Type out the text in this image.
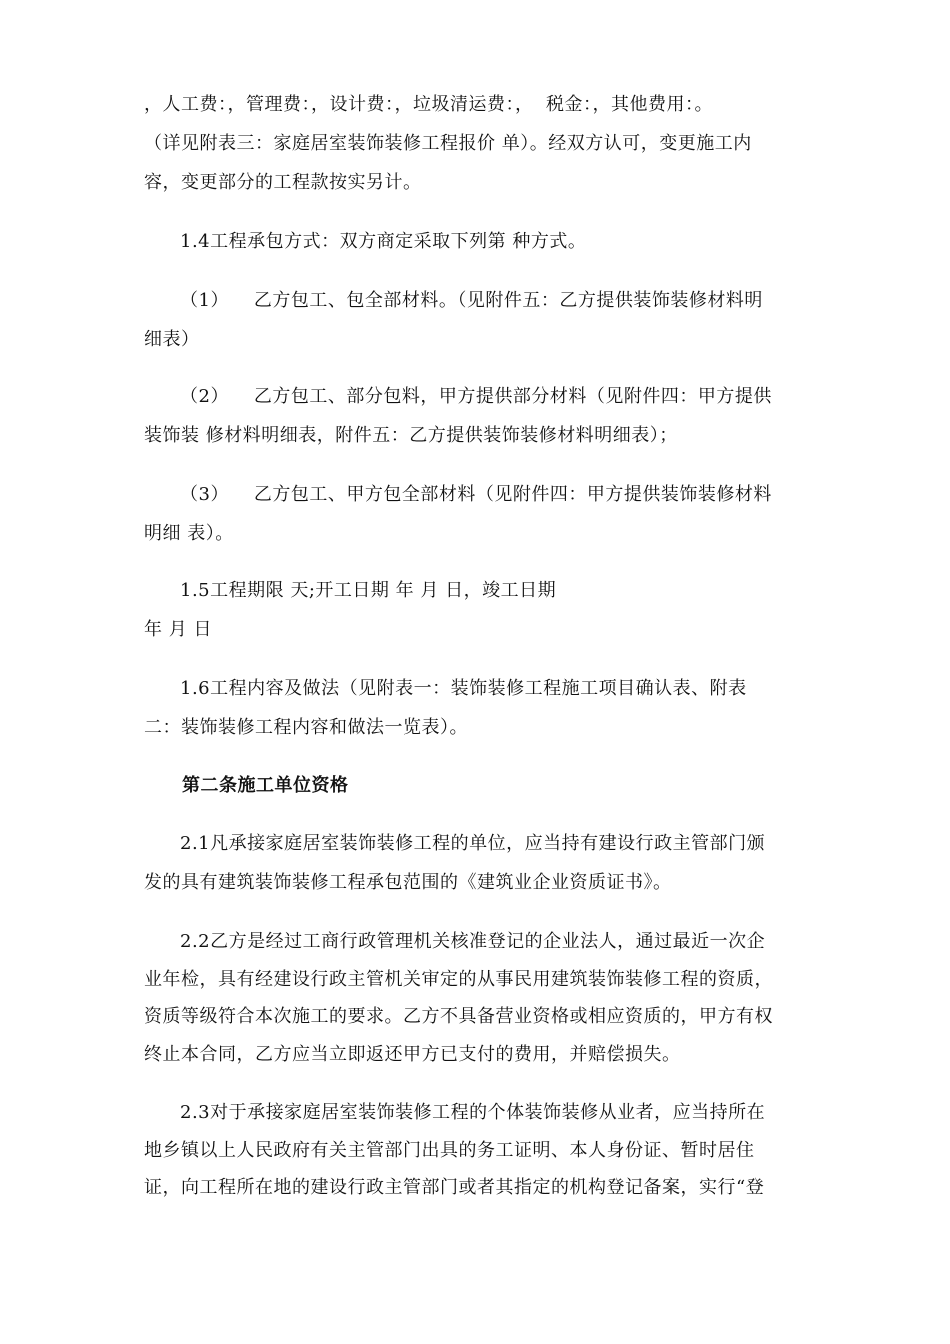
，人工费：，管理费：，设计费：，垃圾清运费：，  税金：，其他费用：。
（详见附表三：家庭居室装饰装修工程报价 单）。经双方认可，变更施工内
容，变更部分的工程款按实另计。
1.4工程承包方式：双方商定采取下列第 种方式。
（1）    乙方包工、包全部材料。（见附件五：乙方提供装饰装修材料明
细表）
（2）    乙方包工、部分包料，甲方提供部分材料（见附件四：甲方提供
装饰装 修材料明细表，附件五：乙方提供装饰装修材料明细表）；
（3）    乙方包工、甲方包全部材料（见附件四：甲方提供装饰装修材料
明细 表）。
1.5工程期限 天;开工日期 年 月 日，竣工日期
年 月 日
1.6工程内容及做法（见附表一：装饰装修工程施工项目确认表、附表
二：装饰装修工程内容和做法一览表）。
第二条施工单位资格
2.1凡承接家庭居室装饰装修工程的单位，应当持有建设行政主管部门颁
发的具有建筑装饰装修工程承包范围的《建筑业企业资质证书》。
2.2乙方是经过工商行政管理机关核准登记的企业法人，通过最近一次企
业年检，具有经建设行政主管机关审定的从事民用建筑装饰装修工程的资质，
资质等级符合本次施工的要求。乙方不具备营业资格或相应资质的，甲方有权
终止本合同，乙方应当立即返还甲方已支付的费用，并赔偿损失。
2.3对于承接家庭居室装饰装修工程的个体装饰装修从业者，应当持所在
地乡镇以上人民政府有关主管部门出具的务工证明、本人身份证、暂时居住
证，向工程所在地的建设行政主管部门或者其指定的机构登记备案，实行“登
